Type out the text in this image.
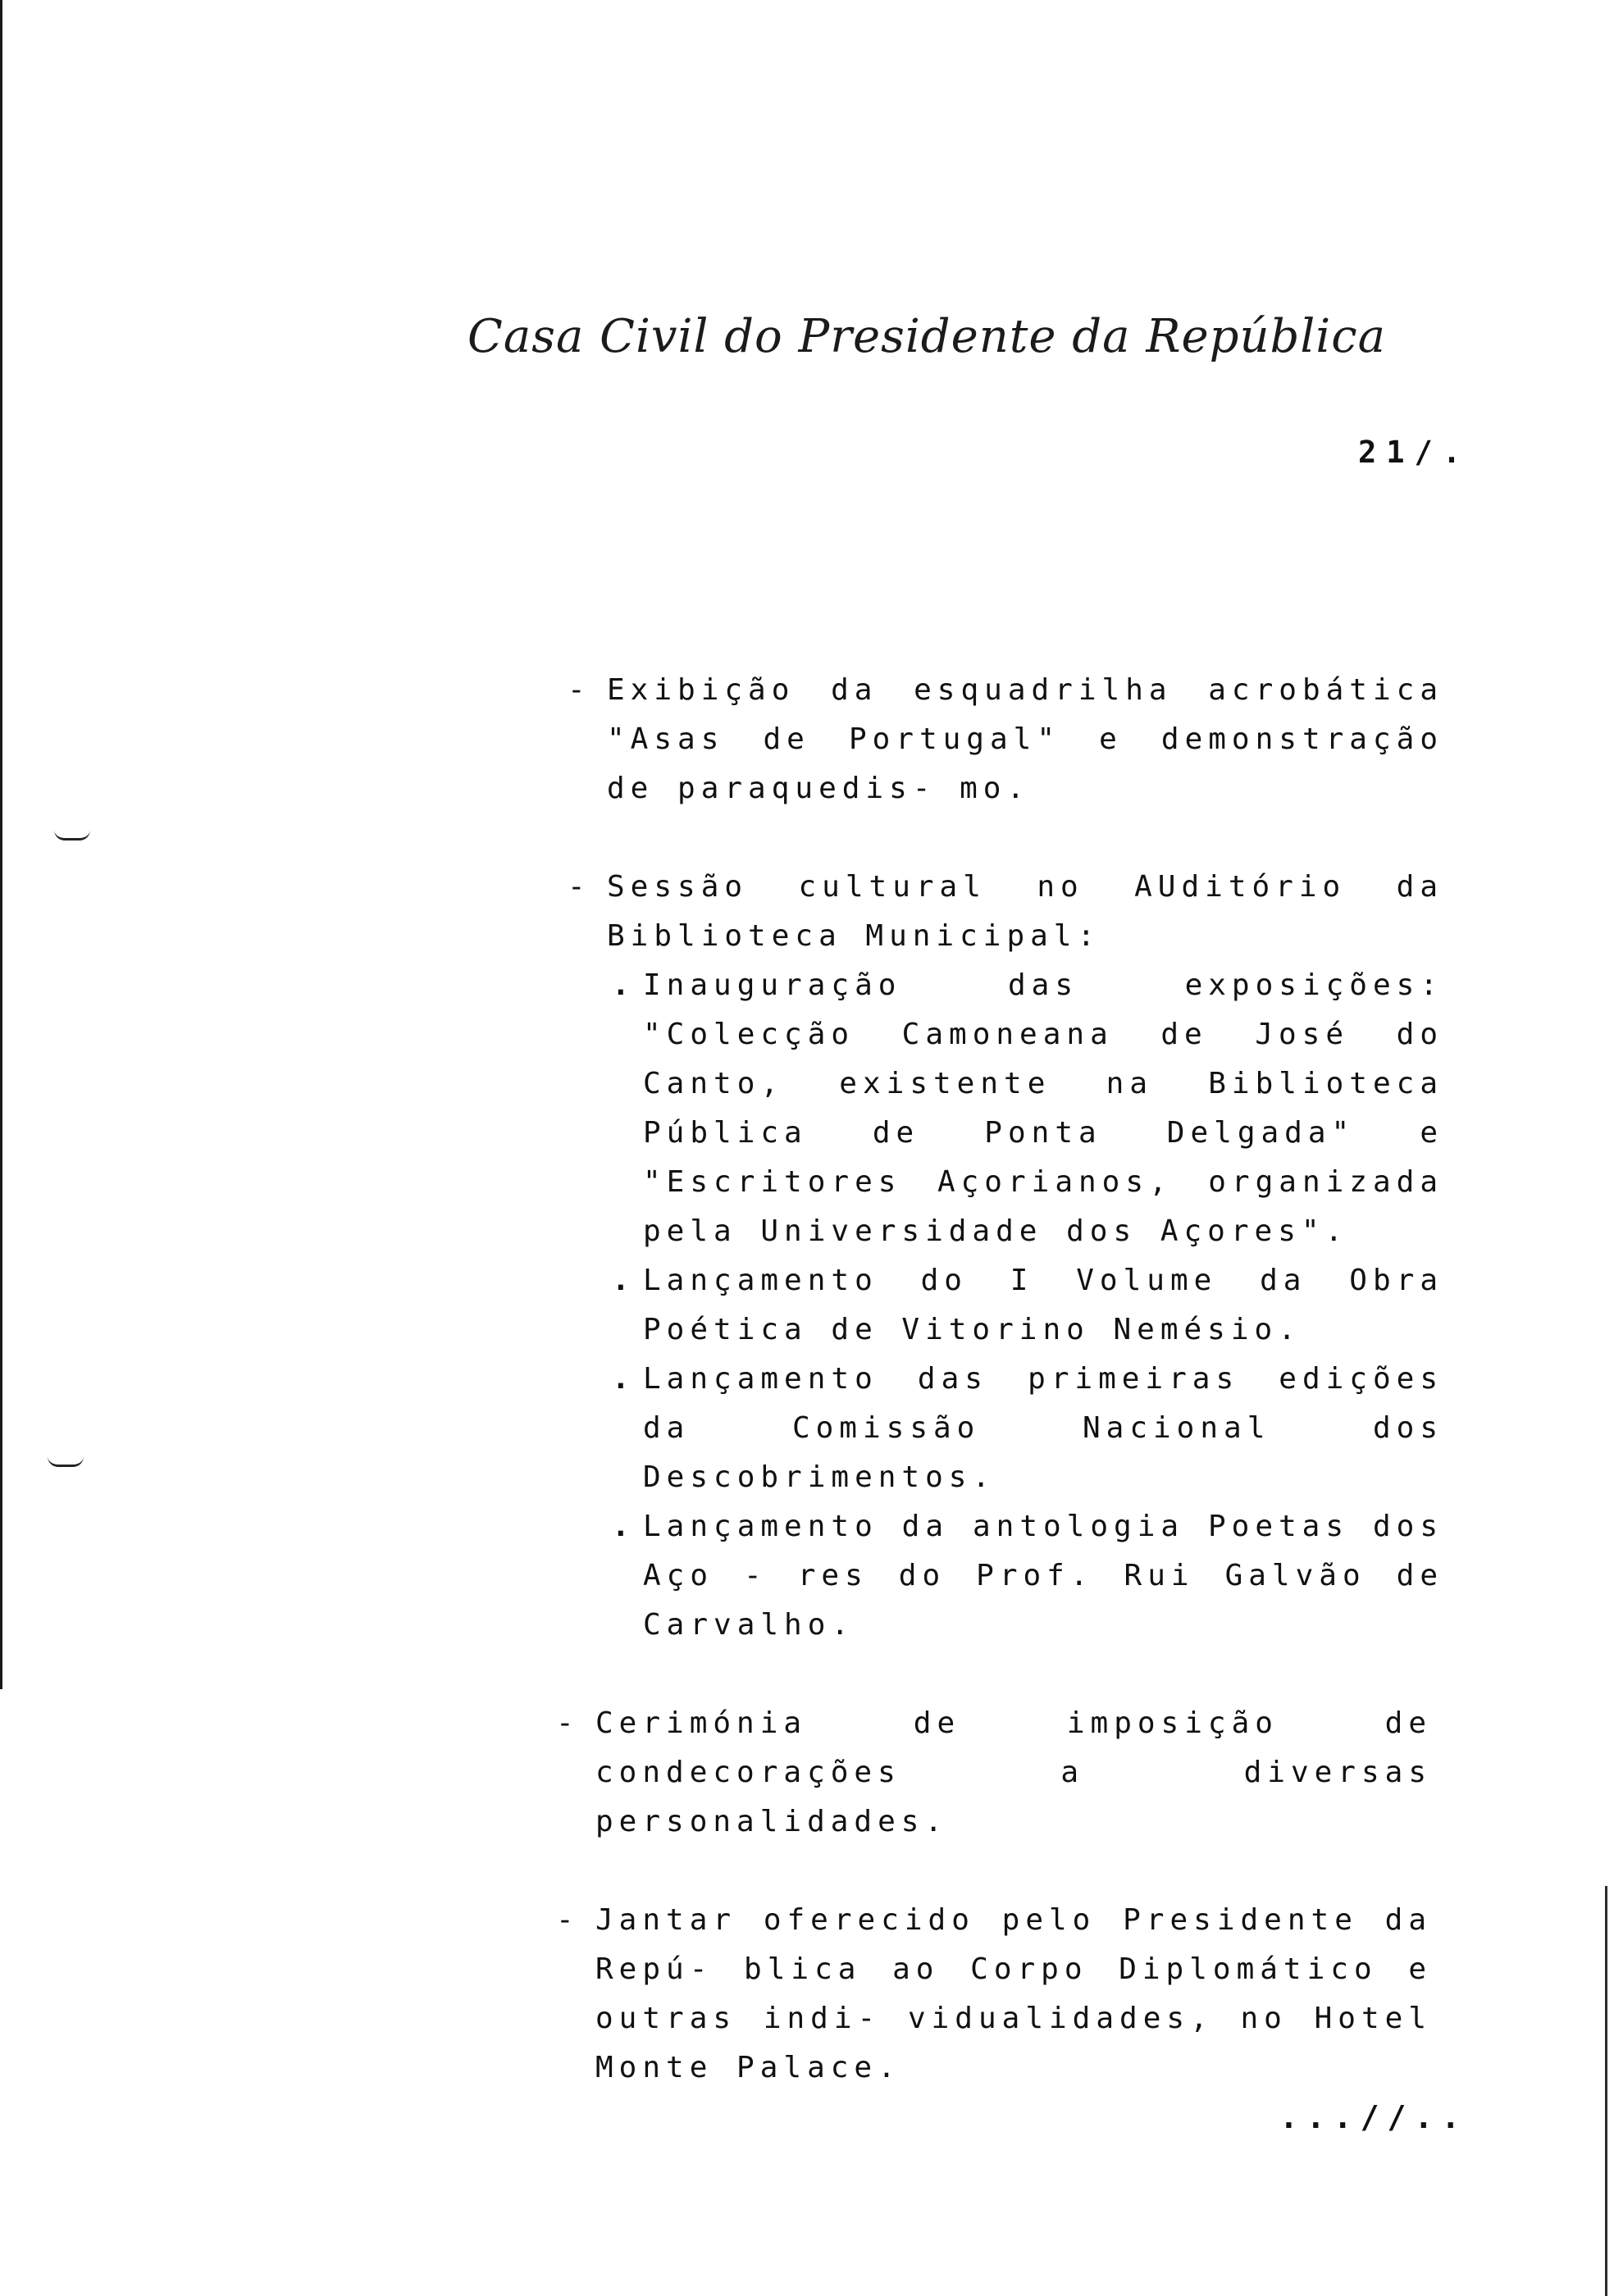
Casa Civil do Presidente da República
21/.
- Exibição da esquadrilha acrobática "Asas de Portugal" e demonstração de paraquedis- mo.
- Sessão cultural no AUditório da Biblioteca Municipal:
. Inauguração das exposições: "Colecção Camoneana de José do Canto, existente na Biblioteca Pública de Ponta Delgada" e "Escritores Açorianos, organizada pela Universidade dos Açores".
. Lançamento do I Volume da Obra Poética de Vitorino Nemésio.
. Lançamento das primeiras edições da Comissão Nacional dos Descobrimentos.
. Lançamento da antologia Poetas dos Aço - res do Prof. Rui Galvão de Carvalho.
- Cerimónia de imposição de condecorações a diversas personalidades.
- Jantar oferecido pelo Presidente da Repú- blica ao Corpo Diplomático e outras indi- vidualidades, no Hotel Monte Palace.
...//..
